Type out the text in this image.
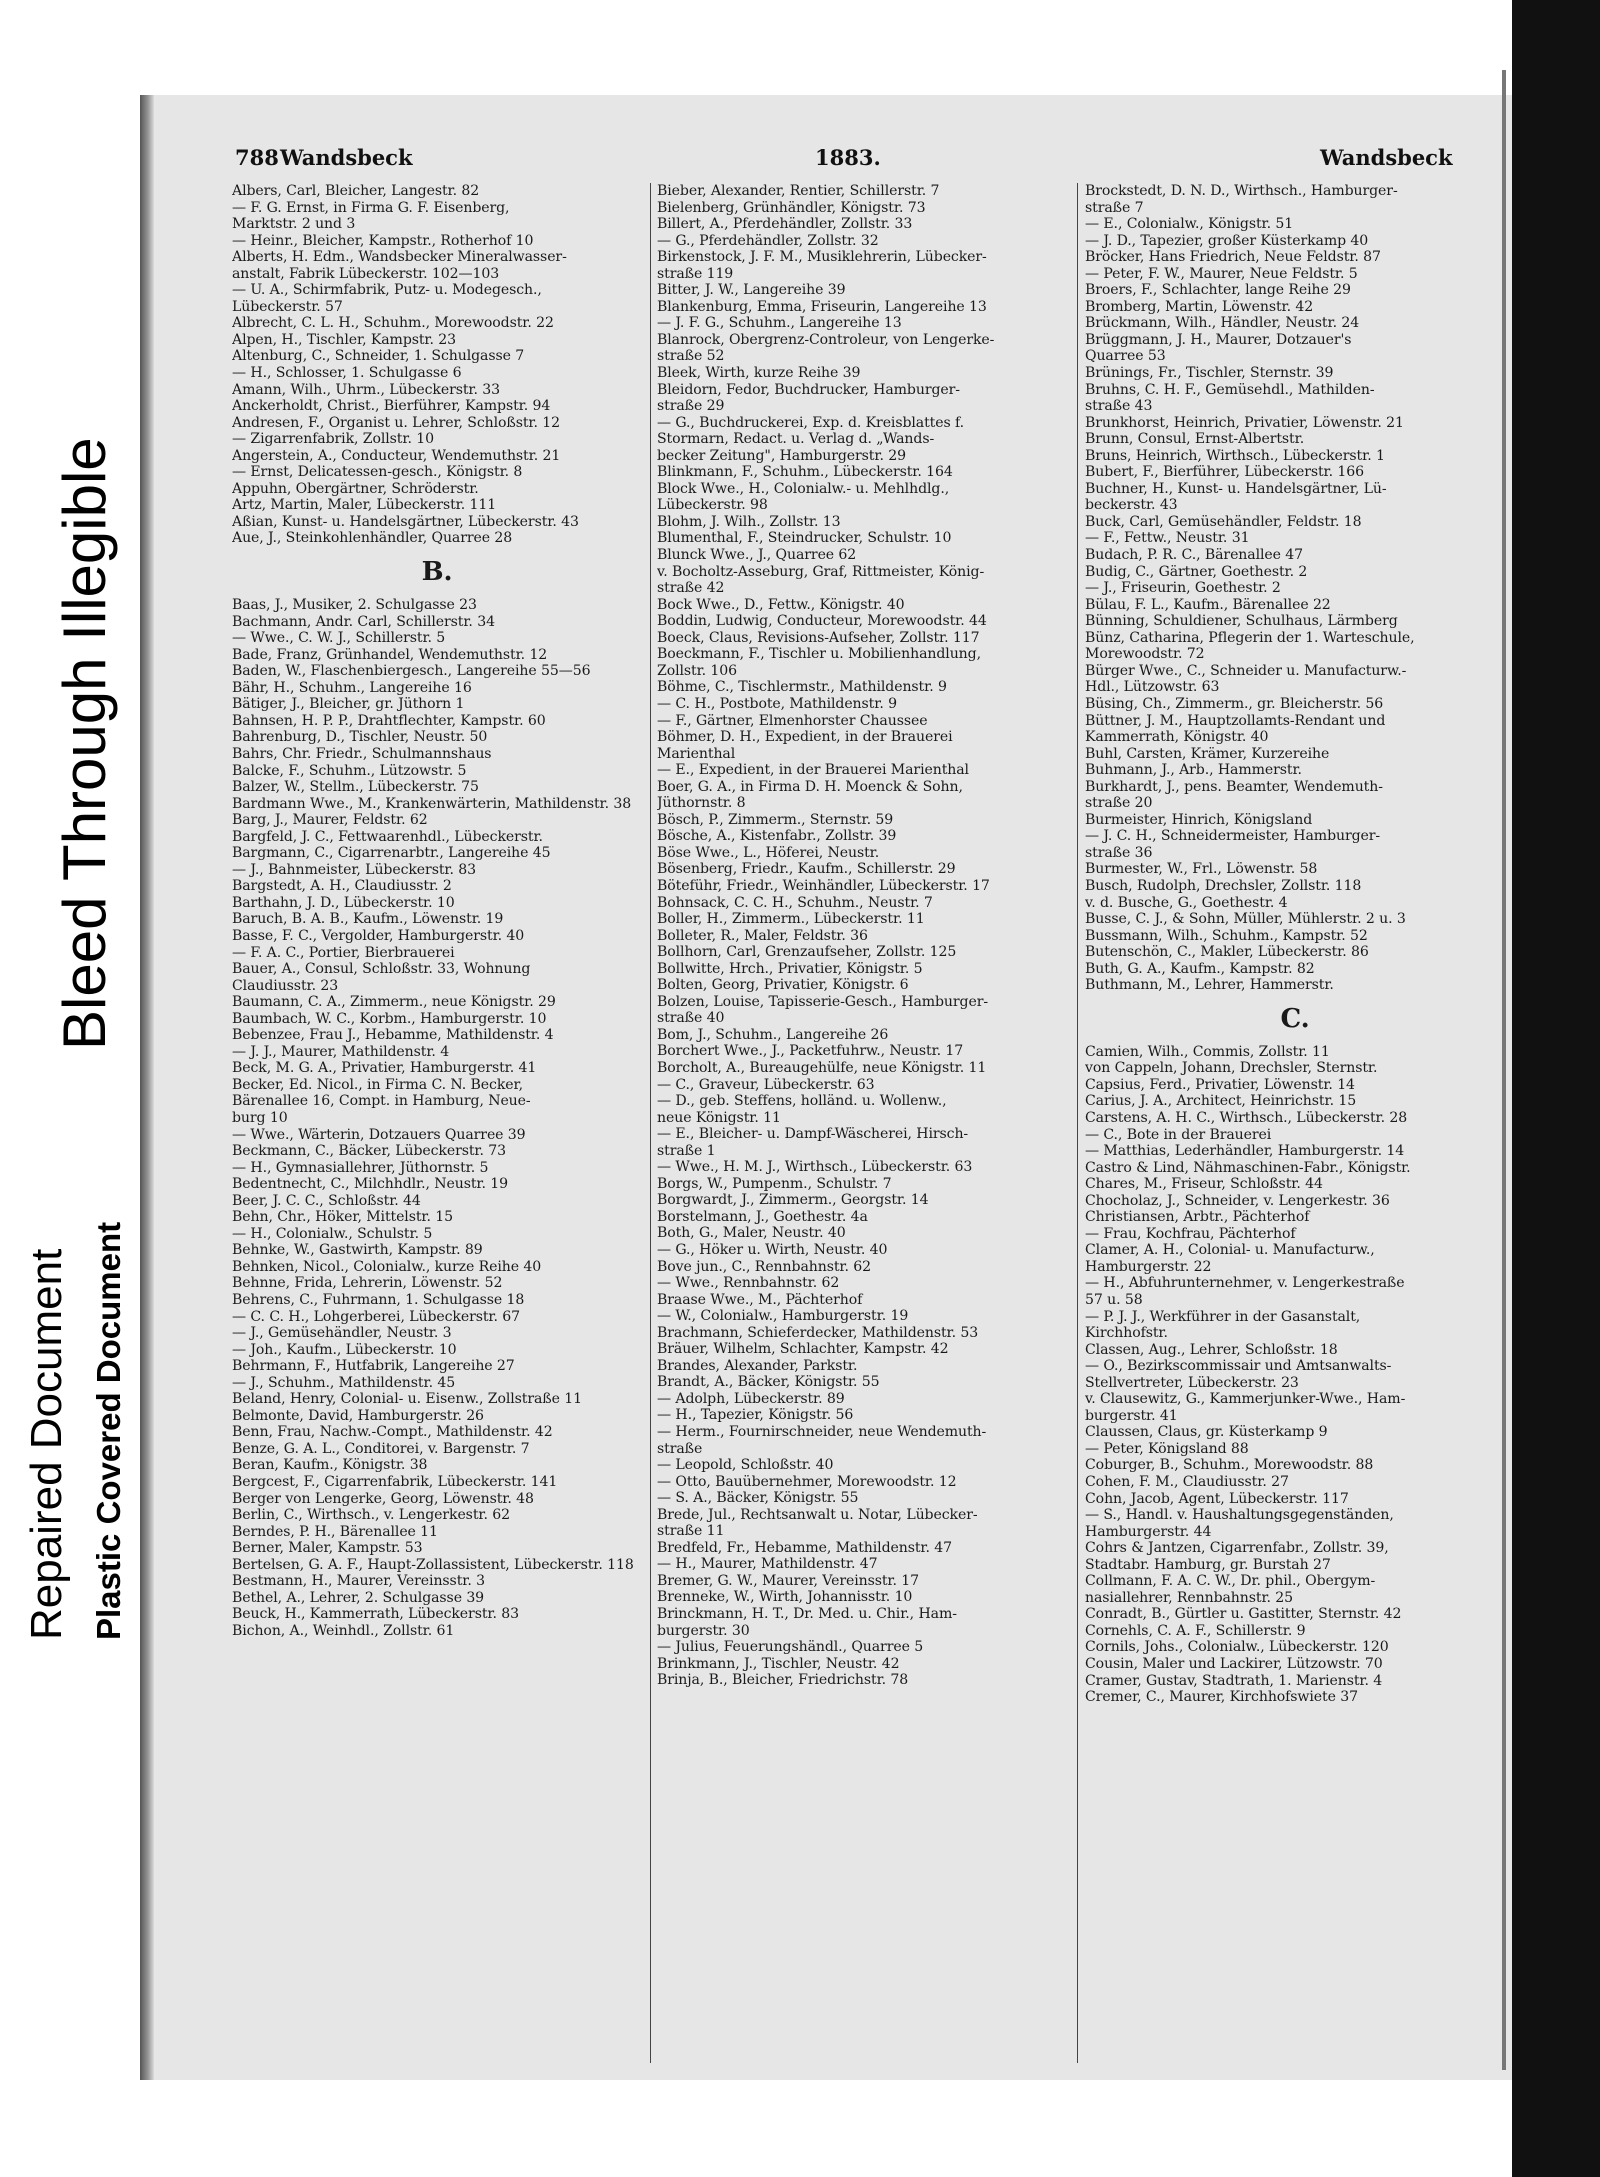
Repaired Document Plastic Covered Document
Bleed Through Illegible
788 Wandsbeck	1883.	Wandsbeck
Albers, Carl, Bleicher, Langestr. 82
— F. G. Ernst, in Firma G. F. Eisenberg,
Marktstr. 2 und 3
— Heinr., Bleicher, Kampstr., Rotherhof 10
Alberts, H. Edm., Wandsbecker Mineralwasser-
anstalt, Fabrik Lübeckerstr. 102—103
— U. A., Schirmfabrik, Putz- u. Modegesch.,
Lübeckerstr. 57
Albrecht, C. L. H., Schuhm., Morewoodstr. 22
Alpen, H., Tischler, Kampstr. 23
Altenburg, C., Schneider, 1. Schulgasse 7
— H., Schlosser, 1. Schulgasse 6
Amann, Wilh., Uhrm., Lübeckerstr. 33
Anckerholdt, Christ., Bierführer, Kampstr. 94
Andresen, F., Organist u. Lehrer, Schloßstr. 12
— Zigarrenfabrik, Zollstr. 10
Angerstein, A., Conducteur, Wendemuthstr. 21
— Ernst, Delicatessen-gesch., Königstr. 8
Appuhn, Obergärtner, Schröderstr.
Artz, Martin, Maler, Lübeckerstr. 111
Aßian, Kunst- u. Handelsgärtner, Lübeckerstr. 43
Aue, J., Steinkohlenhändler, Quarree 28
B.
Baas, J., Musiker, 2. Schulgasse 23
Bachmann, Andr. Carl, Schillerstr. 34
— Wwe., C. W. J., Schillerstr. 5
Bade, Franz, Grünhandel, Wendemuthstr. 12
Baden, W., Flaschenbiergesch., Langereihe 55—56
Bähr, H., Schuhm., Langereihe 16
Bätiger, J., Bleicher, gr. Jüthorn 1
Bahnsen, H. P. P., Drahtflechter, Kampstr. 60
Bahrenburg, D., Tischler, Neustr. 50
Bahrs, Chr. Friedr., Schulmannshaus
Balcke, F., Schuhm., Lützowstr. 5
Balzer, W., Stellm., Lübeckerstr. 75
Bardmann Wwe., M., Krankenwärterin, Mathildenstr. 38
Barg, J., Maurer, Feldstr. 62
Bargfeld, J. C., Fettwaarenhdl., Lübeckerstr.
Bargmann, C., Cigarrenarbtr., Langereihe 45
— J., Bahnmeister, Lübeckerstr. 83
Bargstedt, A. H., Claudiusstr. 2
Barthahn, J. D., Lübeckerstr. 10
Baruch, B. A. B., Kaufm., Löwenstr. 19
Basse, F. C., Vergolder, Hamburgerstr. 40
— F. A. C., Portier, Bierbrauerei
Bauer, A., Consul, Schloßstr. 33, Wohnung
Claudiusstr. 23
Baumann, C. A., Zimmerm., neue Königstr. 29
Baumbach, W. C., Korbm., Hamburgerstr. 10
Bebenzee, Frau J., Hebamme, Mathildenstr. 4
— J. J., Maurer, Mathildenstr. 4
Beck, M. G. A., Privatier, Hamburgerstr. 41
Becker, Ed. Nicol., in Firma C. N. Becker,
Bärenallee 16, Compt. in Hamburg, Neue-
burg 10
— Wwe., Wärterin, Dotzauers Quarree 39
Beckmann, C., Bäcker, Lübeckerstr. 73
— H., Gymnasiallehrer, Jüthornstr. 5
Bedentnecht, C., Milchhdlr., Neustr. 19
Beer, J. C. C., Schloßstr. 44
Behn, Chr., Höker, Mittelstr. 15
— H., Colonialw., Schulstr. 5
Behnke, W., Gastwirth, Kampstr. 89
Behnken, Nicol., Colonialw., kurze Reihe 40
Behnne, Frida, Lehrerin, Löwenstr. 52
Behrens, C., Fuhrmann, 1. Schulgasse 18
— C. C. H., Lohgerberei, Lübeckerstr. 67
— J., Gemüsehändler, Neustr. 3
— Joh., Kaufm., Lübeckerstr. 10
Behrmann, F., Hutfabrik, Langereihe 27
— J., Schuhm., Mathildenstr. 45
Beland, Henry, Colonial- u. Eisenw., Zollstraße 11
Belmonte, David, Hamburgerstr. 26
Benn, Frau, Nachw.-Compt., Mathildenstr. 42
Benze, G. A. L., Conditorei, v. Bargenstr. 7
Beran, Kaufm., Königstr. 38
Bergcest, F., Cigarrenfabrik, Lübeckerstr. 141
Berger von Lengerke, Georg, Löwenstr. 48
Berlin, C., Wirthsch., v. Lengerkestr. 62
Berndes, P. H., Bärenallee 11
Berner, Maler, Kampstr. 53
Bertelsen, G. A. F., Haupt-Zollassistent, Lübeckerstr. 118
Bestmann, H., Maurer, Vereinsstr. 3
Bethel, A., Lehrer, 2. Schulgasse 39
Beuck, H., Kammerrath, Lübeckerstr. 83
Bichon, A., Weinhdl., Zollstr. 61
Bieber, Alexander, Rentier, Schillerstr. 7
Bielenberg, Grünhändler, Königstr. 73
Billert, A., Pferdehändler, Zollstr. 33
— G., Pferdehändler, Zollstr. 32
Birkenstock, J. F. M., Musiklehrerin, Lübecker-
straße 119
Bitter, J. W., Langereihe 39
Blankenburg, Emma, Friseurin, Langereihe 13
— J. F. G., Schuhm., Langereihe 13
Blanrock, Obergrenz-Controleur, von Lengerke-
straße 52
Bleek, Wirth, kurze Reihe 39
Bleidorn, Fedor, Buchdrucker, Hamburger-
straße 29
— G., Buchdruckerei, Exp. d. Kreisblattes f.
Stormarn, Redact. u. Verlag d. „Wands-
becker Zeitung", Hamburgerstr. 29
Blinkmann, F., Schuhm., Lübeckerstr. 164
Block Wwe., H., Colonialw.- u. Mehlhdlg.,
Lübeckerstr. 98
Blohm, J. Wilh., Zollstr. 13
Blumenthal, F., Steindrucker, Schulstr. 10
Blunck Wwe., J., Quarree 62
v. Bocholtz-Asseburg, Graf, Rittmeister, König-
straße 42
Bock Wwe., D., Fettw., Königstr. 40
Boddin, Ludwig, Conducteur, Morewoodstr. 44
Boeck, Claus, Revisions-Aufseher, Zollstr. 117
Boeckmann, F., Tischler u. Mobilienhandlung,
Zollstr. 106
Böhme, C., Tischlermstr., Mathildenstr. 9
— C. H., Postbote, Mathildenstr. 9
— F., Gärtner, Elmenhorster Chaussee
Böhmer, D. H., Expedient, in der Brauerei
Marienthal
— E., Expedient, in der Brauerei Marienthal
Boer, G. A., in Firma D. H. Moenck & Sohn,
Jüthornstr. 8
Bösch, P., Zimmerm., Sternstr. 59
Bösche, A., Kistenfabr., Zollstr. 39
Böse Wwe., L., Höferei, Neustr.
Bösenberg, Friedr., Kaufm., Schillerstr. 29
Böteführ, Friedr., Weinhändler, Lübeckerstr. 17
Bohnsack, C. C. H., Schuhm., Neustr. 7
Boller, H., Zimmerm., Lübeckerstr. 11
Bolleter, R., Maler, Feldstr. 36
Bollhorn, Carl, Grenzaufseher, Zollstr. 125
Bollwitte, Hrch., Privatier, Königstr. 5
Bolten, Georg, Privatier, Königstr. 6
Bolzen, Louise, Tapisserie-Gesch., Hamburger-
straße 40
Bom, J., Schuhm., Langereihe 26
Borchert Wwe., J., Packetfuhrw., Neustr. 17
Borcholt, A., Bureaugehülfe, neue Königstr. 11
— C., Graveur, Lübeckerstr. 63
— D., geb. Steffens, holländ. u. Wollenw.,
neue Königstr. 11
— E., Bleicher- u. Dampf-Wäscherei, Hirsch-
straße 1
— Wwe., H. M. J., Wirthsch., Lübeckerstr. 63
Borgs, W., Pumpenm., Schulstr. 7
Borgwardt, J., Zimmerm., Georgstr. 14
Borstelmann, J., Goethestr. 4a
Both, G., Maler, Neustr. 40
— G., Höker u. Wirth, Neustr. 40
Bove jun., C., Rennbahnstr. 62
— Wwe., Rennbahnstr. 62
Braase Wwe., M., Pächterhof
— W., Colonialw., Hamburgerstr. 19
Brachmann, Schieferdecker, Mathildenstr. 53
Bräuer, Wilhelm, Schlachter, Kampstr. 42
Brandes, Alexander, Parkstr.
Brandt, A., Bäcker, Königstr. 55
— Adolph, Lübeckerstr. 89
— H., Tapezier, Königstr. 56
— Herm., Fournirschneider, neue Wendemuth-
straße
— Leopold, Schloßstr. 40
— Otto, Bauübernehmer, Morewoodstr. 12
— S. A., Bäcker, Königstr. 55
Brede, Jul., Rechtsanwalt u. Notar, Lübecker-
straße 11
Bredfeld, Fr., Hebamme, Mathildenstr. 47
— H., Maurer, Mathildenstr. 47
Bremer, G. W., Maurer, Vereinsstr. 17
Brenneke, W., Wirth, Johannisstr. 10
Brinckmann, H. T., Dr. Med. u. Chir., Ham-
burgerstr. 30
— Julius, Feuerungshändl., Quarree 5
Brinkmann, J., Tischler, Neustr. 42
Brinja, B., Bleicher, Friedrichstr. 78
Brockstedt, D. N. D., Wirthsch., Hamburger-
straße 7
— E., Colonialw., Königstr. 51
— J. D., Tapezier, großer Küsterkamp 40
Bröcker, Hans Friedrich, Neue Feldstr. 87
— Peter, F. W., Maurer, Neue Feldstr. 5
Broers, F., Schlachter, lange Reihe 29
Bromberg, Martin, Löwenstr. 42
Brückmann, Wilh., Händler, Neustr. 24
Brüggmann, J. H., Maurer, Dotzauer's
Quarree 53
Brünings, Fr., Tischler, Sternstr. 39
Bruhns, C. H. F., Gemüsehdl., Mathilden-
straße 43
Brunkhorst, Heinrich, Privatier, Löwenstr. 21
Brunn, Consul, Ernst-Albertstr.
Bruns, Heinrich, Wirthsch., Lübeckerstr. 1
Bubert, F., Bierführer, Lübeckerstr. 166
Buchner, H., Kunst- u. Handelsgärtner, Lü-
beckerstr. 43
Buck, Carl, Gemüsehändler, Feldstr. 18
— F., Fettw., Neustr. 31
Budach, P. R. C., Bärenallee 47
Budig, C., Gärtner, Goethestr. 2
— J., Friseurin, Goethestr. 2
Bülau, F. L., Kaufm., Bärenallee 22
Bünning, Schuldiener, Schulhaus, Lärmberg
Bünz, Catharina, Pflegerin der 1. Warteschule,
Morewoodstr. 72
Bürger Wwe., C., Schneider u. Manufacturw.-
Hdl., Lützowstr. 63
Büsing, Ch., Zimmerm., gr. Bleicherstr. 56
Büttner, J. M., Hauptzollamts-Rendant und
Kammerrath, Königstr. 40
Buhl, Carsten, Krämer, Kurzereihe
Buhmann, J., Arb., Hammerstr.
Burkhardt, J., pens. Beamter, Wendemuth-
straße 20
Burmeister, Hinrich, Königsland
— J. C. H., Schneidermeister, Hamburger-
straße 36
Burmester, W., Frl., Löwenstr. 58
Busch, Rudolph, Drechsler, Zollstr. 118
v. d. Busche, G., Goethestr. 4
Busse, C. J., & Sohn, Müller, Mühlerstr. 2 u. 3
Bussmann, Wilh., Schuhm., Kampstr. 52
Butenschön, C., Makler, Lübeckerstr. 86
Buth, G. A., Kaufm., Kampstr. 82
Buthmann, M., Lehrer, Hammerstr.
C.
Camien, Wilh., Commis, Zollstr. 11
von Cappeln, Johann, Drechsler, Sternstr.
Capsius, Ferd., Privatier, Löwenstr. 14
Carius, J. A., Architect, Heinrichstr. 15
Carstens, A. H. C., Wirthsch., Lübeckerstr. 28
— C., Bote in der Brauerei
— Matthias, Lederhändler, Hamburgerstr. 14
Castro & Lind, Nähmaschinen-Fabr., Königstr.
Chares, M., Friseur, Schloßstr. 44
Chocholaz, J., Schneider, v. Lengerkestr. 36
Christiansen, Arbtr., Pächterhof
— Frau, Kochfrau, Pächterhof
Clamer, A. H., Colonial- u. Manufacturw.,
Hamburgerstr. 22
— H., Abfuhrunternehmer, v. Lengerkestraße
57 u. 58
— P. J. J., Werkführer in der Gasanstalt,
Kirchhofstr.
Classen, Aug., Lehrer, Schloßstr. 18
— O., Bezirkscommissair und Amtsanwalts-
Stellvertreter, Lübeckerstr. 23
v. Clausewitz, G., Kammerjunker-Wwe., Ham-
burgerstr. 41
Claussen, Claus, gr. Küsterkamp 9
— Peter, Königsland 88
Coburger, B., Schuhm., Morewoodstr. 88
Cohen, F. M., Claudiusstr. 27
Cohn, Jacob, Agent, Lübeckerstr. 117
— S., Handl. v. Haushaltungsgegenständen,
Hamburgerstr. 44
Cohrs & Jantzen, Cigarrenfabr., Zollstr. 39,
Stadtabr. Hamburg, gr. Burstah 27
Collmann, F. A. C. W., Dr. phil., Obergym-
nasiallehrer, Rennbahnstr. 25
Conradt, B., Gürtler u. Gastitter, Sternstr. 42
Cornehls, C. A. F., Schillerstr. 9
Cornils, Johs., Colonialw., Lübeckerstr. 120
Cousin, Maler und Lackirer, Lützowstr. 70
Cramer, Gustav, Stadtrath, 1. Marienstr. 4
Cremer, C., Maurer, Kirchhofswiete 37
